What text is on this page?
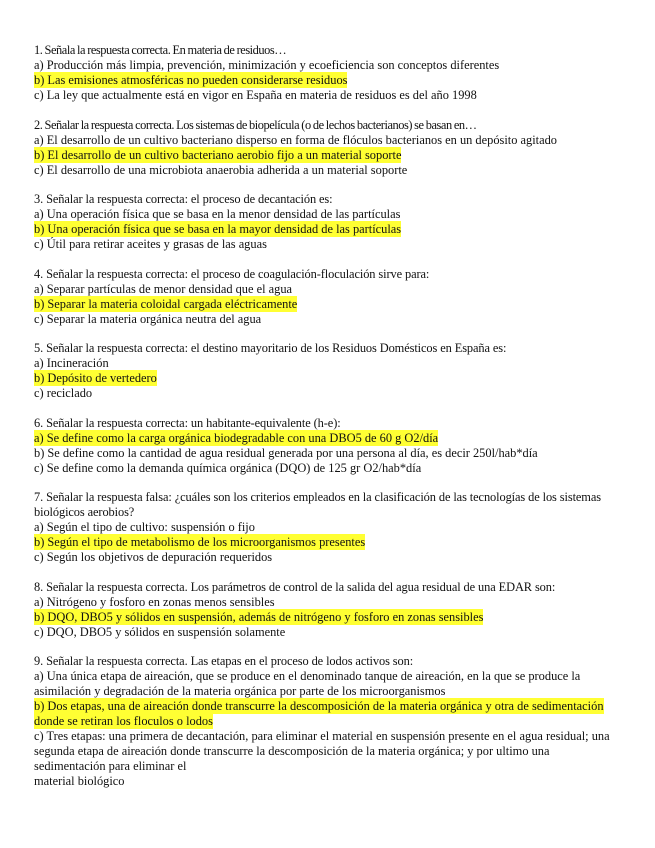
1. Señala la respuesta correcta. En materia de residuos…
a) Producción más limpia, prevención, minimización y ecoeficiencia son conceptos diferentes
b) Las emisiones atmosféricas no pueden considerarse residuos
c) La ley que actualmente está en vigor en España en materia de residuos es del año 1998
2. Señalar la respuesta correcta. Los sistemas de biopelícula (o de lechos bacterianos) se basan en…
a) El desarrollo de un cultivo bacteriano disperso en forma de flóculos bacterianos en un depósito agitado
b) El desarrollo de un cultivo bacteriano aerobio fijo a un material soporte
c) El desarrollo de una microbiota anaerobia adherida a un material soporte
3. Señalar la respuesta correcta: el proceso de decantación es:
a) Una operación física que se basa en la menor densidad de las partículas
b) Una operación física que se basa en la mayor densidad de las partículas
c) Útil para retirar aceites y grasas de las aguas
4. Señalar la respuesta correcta: el proceso de coagulación-floculación sirve para:
a) Separar partículas de menor densidad que el agua
b) Separar la materia coloidal cargada eléctricamente
c) Separar la materia orgánica neutra del agua
5. Señalar la respuesta correcta: el destino mayoritario de los Residuos Domésticos en España es:
a) Incineración
b) Depósito de vertedero
c) reciclado
6. Señalar la respuesta correcta: un habitante-equivalente (h-e):
a) Se define como la carga orgánica biodegradable con una DBO5 de 60 g O2/día
b) Se define como la cantidad de agua residual generada por una persona al día, es decir 250l/hab*día
c) Se define como la demanda química orgánica (DQO) de 125 gr O2/hab*día
7. Señalar la respuesta falsa: ¿cuáles son los criterios empleados en la clasificación de las tecnologías de los sistemas biológicos aerobios?
a) Según el tipo de cultivo: suspensión o fijo
b) Según el tipo de metabolismo de los microorganismos presentes
c) Según los objetivos de depuración requeridos
8. Señalar la respuesta correcta. Los parámetros de control de la salida del agua residual de una EDAR son:
a) Nitrógeno y fosforo en zonas menos sensibles
b) DQO, DBO5 y sólidos en suspensión, además de nitrógeno y fosforo en zonas sensibles
c) DQO, DBO5 y sólidos en suspensión solamente
9. Señalar la respuesta correcta. Las etapas en el proceso de lodos activos son:
a) Una única etapa de aireación, que se produce en el denominado tanque de aireación, en la que se produce la asimilación y degradación de la materia orgánica por parte de los microorganismos
b) Dos etapas, una de aireación donde transcurre la descomposición de la materia orgánica y otra de sedimentación donde se retiran los floculos o lodos
c) Tres etapas: una primera de decantación, para eliminar el material en suspensión presente en el agua residual; una segunda etapa de aireación donde transcurre la descomposición de la materia orgánica; y por ultimo una sedimentación para eliminar el
material biológico
